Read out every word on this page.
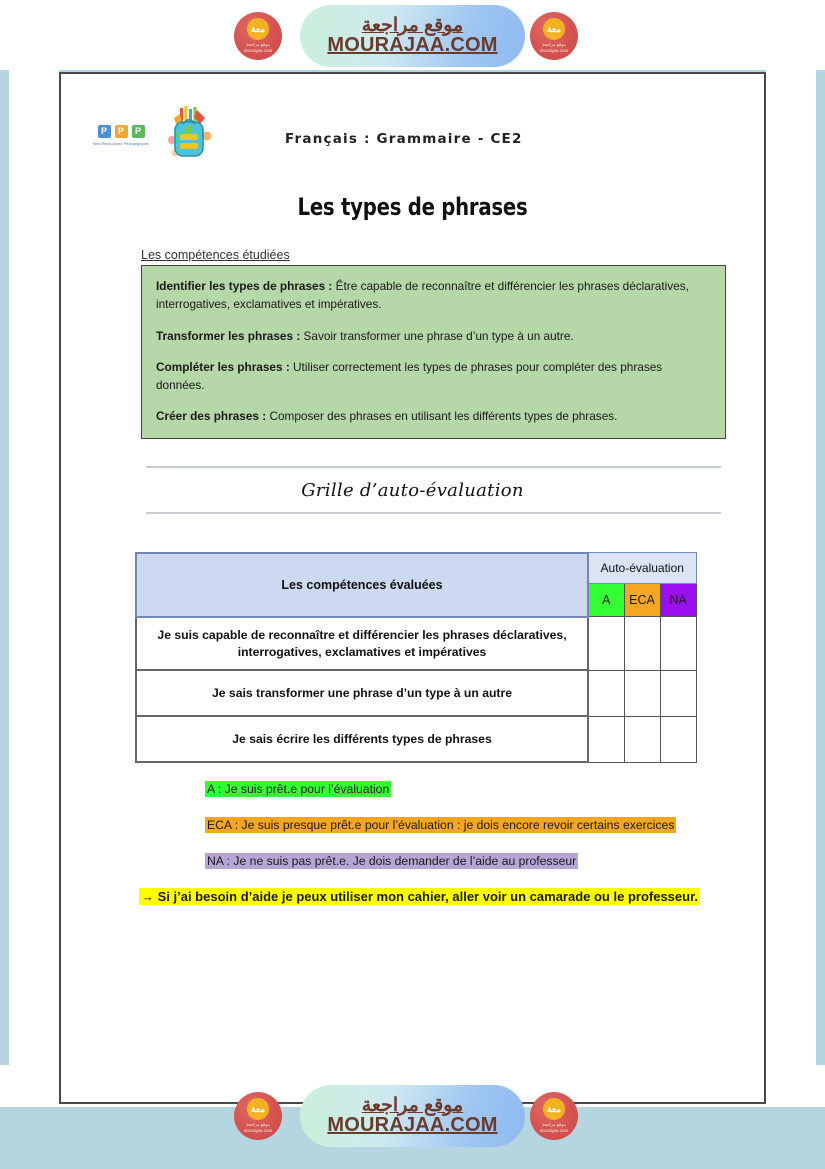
معة
موقع مراجعة
mourajaa.com
موقع مراجعة
MOURAJAA.COM
معة
موقع مراجعة
mourajaa.com
P	P	P
Mes Ressources Pédagogiques
· · · · · · · · · ·
Français : Grammaire - CE2
Les types de phrases
Les compétences étudiées

Identifier les types de phrases : Être capable de reconnaître et différencier les phrases déclaratives, interrogatives, exclamatives et impératives.

Transformer les phrases : Savoir transformer une phrase d’un type à un autre.

Compléter les phrases : Utiliser correctement les types de phrases pour compléter des phrases données.

Créer des phrases : Composer des phrases en utilisant les différents types de phrases.

Grille d’auto-évaluation
Les compétences évaluées	Auto-évaluation		
	A	ECA	NA
Je suis capable de reconnaître et différencier les phrases déclaratives, interrogatives, exclamatives et impératives			
Je sais transformer une phrase d’un type à un autre			
Je sais écrire les différents types de phrases			
A : Je suis prêt.e pour l’évaluation
ECA : Je suis presque prêt.e pour l’évaluation : je dois encore revoir certains exercices
NA : Je ne suis pas prêt.e. Je dois demander de l’aide au professeur
→ Si j’ai besoin d’aide je peux utiliser mon cahier, aller voir un camarade ou le professeur.
معة
موقع مراجعة
mourajaa.com
موقع مراجعة
MOURAJAA.COM
معة
موقع مراجعة
mourajaa.com
